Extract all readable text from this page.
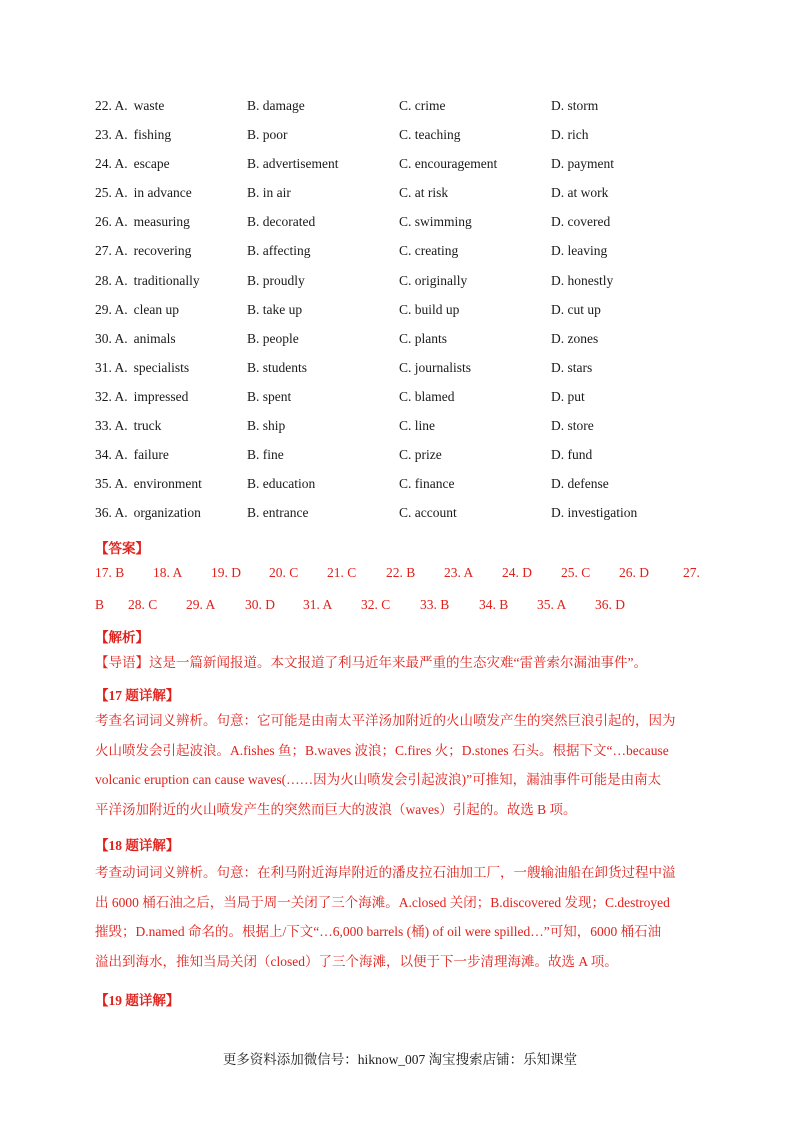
22. A. waste	B. damage	C. crime	D. storm
23. A. fishing	B. poor	C. teaching	D. rich
24. A. escape	B. advertisement	C. encouragement	D. payment
25. A. in advance	B. in air	C. at risk	D. at work
26. A. measuring	B. decorated	C. swimming	D. covered
27. A. recovering	B. affecting	C. creating	D. leaving
28. A. traditionally	B. proudly	C. originally	D. honestly
29. A. clean up	B. take up	C. build up	D. cut up
30. A. animals	B. people	C. plants	D. zones
31. A. specialists	B. students	C. journalists	D. stars
32. A. impressed	B. spent	C. blamed	D. put
33. A. truck	B. ship	C. line	D. store
34. A. failure	B. fine	C. prize	D. fund
35. A. environment	B. education	C. finance	D. defense
36. A. organization	B. entrance	C. account	D. investigation
【答案】
17. B 18. A 19. D 20. C 21. C 22. B 23. A 24. D 25. C 26. D	27.
B 28. C 29. A 30. D 31. A 32. C 33. B 34. B 35. A 36. D
【解析】
【导语】这是一篇新闻报道。本文报道了利马近年来最严重的生态灾难“雷普索尔漏油事件”。
【17 题详解】
考查名词词义辨析。句意：它可能是由南太平洋汤加附近的火山喷发产生的突然巨浪引起的，因为
火山喷发会引起波浪。A.fishes 鱼；B.waves 波浪；C.fires 火；D.stones 石头。根据下文“…because
volcanic eruption can cause waves(……因为火山喷发会引起波浪)”可推知，漏油事件可能是由南太
平洋汤加附近的火山喷发产生的突然而巨大的波浪（waves）引起的。故选 B 项。
【18 题详解】
考查动词词义辨析。句意：在利马附近海岸附近的潘皮拉石油加工厂，一艘输油船在卸货过程中溢
出 6000 桶石油之后，当局于周一关闭了三个海滩。A.closed 关闭；B.discovered 发现；C.destroyed
摧毁；D.named 命名的。根据上/下文“…6,000 barrels (桶) of oil were spilled…”可知，6000 桶石油
溢出到海水，推知当局关闭（closed）了三个海滩，以便于下一步清理海滩。故选 A 项。
【19 题详解】
更多资料添加微信号：hiknow_007 淘宝搜索店铺：乐知课堂
